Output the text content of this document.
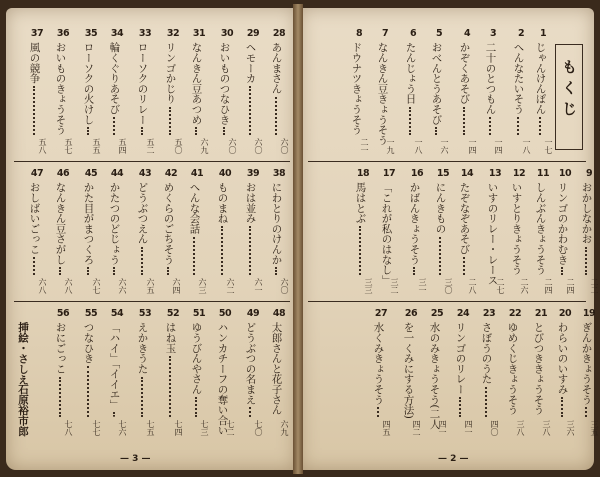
もくじ
1
じゃんけんぽん
一七
2
へんなたいそう
一八
3
二十のとつもん
一四
4
かぞくあそび
一四
5
おべんとうあそび
一六
6
たんじょう日
一八
7
なんきん豆きょうそう
一九
8
ドウナツきょうそう
二一
28
あんまさん
六〇
29
ヘモーカ
六〇
30
おいものつなひき
六〇
31
なんきん豆あつめ
六九
32
リンゴかじり
五〇
33
ローソクのリレー
五二
34
輪くぐりあそび
五四
35
ローソクの火けし
五五
36
おいものきょうそう
五七
37
風の競争
五八
9
おかしなかお
二二
10
リンゴのかわむき
二四
11
しんぶんきょうそう
二四
12
いすとりきょうそう
二六
13
いすのリレー・レース
二七
14
たぞなぞあそび
二八
15
にんきもの
三〇
16
かばんきょうそう
三一
17
「これが私のはなし」
三二
18
馬はとぶ
三三
38
にわとりのけんか
六〇
39
おは並み
六一
40
ものまね
六二
41
へんな会話
六三
42
めくらのごちそう
六四
43
どうぶつえん
六五
44
かたつのどじょう
六六
45
かた目がまつくろ
六七
46
なんきん豆さがし
六八
47
おしばいごっこ
六八
19
ぎんかきょうそう
三五
20
わらいのいすみ
三六
21
とびつききょうそう
三八
22
ゆめくじきょうそう
三八
23
さぼうのうた
四〇
24
リンゴのリレー
四一
25
水のみきょうそう(二人
四一
26
を一くみにする方法)
四二
27
水くみきょうそう
四五
48
太郎さんと花子さん
六九
49
どうぶつの名まえ
七〇
50
ハンカチーフの奪い合い
七二
51
ゆうびんやさん
七三
52
はね玉
七四
53
えかきうた
七五
54
「ハイ」「イイエ」
七六
55
つなひき
七七
56
おにごっこ
七八
挿絵・さしえ
石原裕市郎
— 3 —	— 2 —
